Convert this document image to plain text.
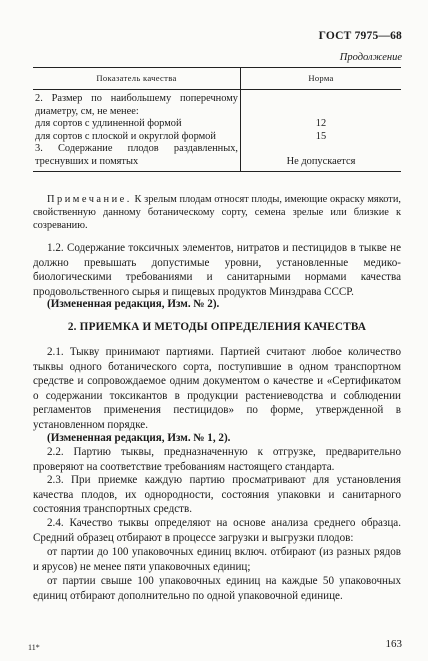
ГОСТ 7975—68
Продолжение
Показатель качества	Норма
2. Размер по наибольшему поперечному диаметру, см, не менее:	
для сортов с удлиненной формой	12
для сортов с плоской и округлой формой	15
3. Содержание плодов раздавленных, треснувших и помятых	Не допускается
Примечание. К зрелым плодам относят плоды, имеющие окраску мякоти, свойственную данному ботаническому сорту, семена зрелые или близкие к созреванию.
1.2. Содержание токсичных элементов, нитратов и пестицидов в тыкве не должно превышать допустимые уровни, установленные медико-биологическими требованиями и санитарными нормами качества продовольственного сырья и пищевых продуктов Минздрава СССР.
(Измененная редакция, Изм. № 2).
2. ПРИЕМКА И МЕТОДЫ ОПРЕДЕЛЕНИЯ КАЧЕСТВА
2.1. Тыкву принимают партиями. Партией считают любое количество тыквы одного ботанического сорта, поступившие в одном транспортном средстве и сопровождаемое одним документом о качестве и «Сертификатом о содержании токсикантов в продукции растениеводства и соблюдении регламентов применения пестицидов» по форме, утвержденной в установленном порядке.
(Измененная редакция, Изм. № 1, 2).
2.2. Партию тыквы, предназначенную к отгрузке, предварительно проверяют на соответствие требованиям настоящего стандарта.
2.3. При приемке каждую партию просматривают для установления качества плодов, их однородности, состояния упаковки и санитарного состояния транспортных средств.
2.4. Качество тыквы определяют на основе анализа среднего образца. Средний образец отбирают в процессе загрузки и выгрузки плодов:
от партии до 100 упаковочных единиц включ. отбирают (из разных рядов и ярусов) не менее пяти упаковочных единиц;
от партии свыше 100 упаковочных единиц на каждые 50 упаковочных единиц отбирают дополнительно по одной упаковочной единице.
11*	163
